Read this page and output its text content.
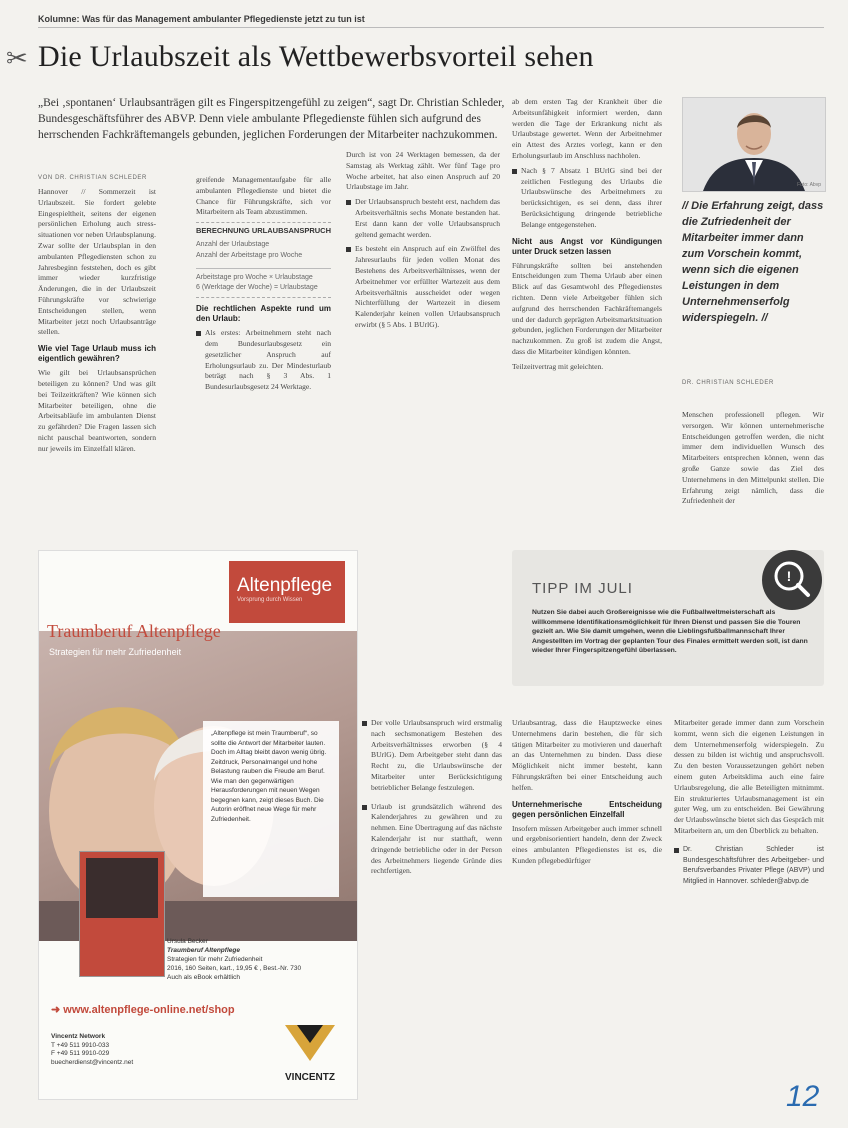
Kolumne: Was für das Management ambulanter Pflegedienste jetzt zu tun ist
✂ Die Urlaubszeit als Wettbewerbsvorteil sehen
„Bei ‚spontanen‘ Urlaubsanträgen gilt es Fingerspitzengefühl zu zeigen“, sagt Dr. Christian Schleder, Bundesgeschäftsführer des ABVP. Denn viele ambulante Pflegedienste fühlen sich aufgrund des herrschenden Fachkräftemangels gebunden, jeglichen Forderungen der Mitarbeiter nachzukommen.
VON DR. CHRISTIAN SCHLEDER

Hannover // Sommerzeit ist Urlaubszeit. Sie fordert gelebte Eingespieltheit, seitens der eigenen persönlichen Erholung auch stress-situationen vor neben Urlaubsplanung. Zwar sollte der Urlaubsplan in den ambulanten Pflegediensten schon zu Jahresbeginn feststehen, doch es gibt immer wieder kurzfristige Änderungen, die in der Urlaubszeit Führungskräfte vor schwierige Entscheidungen stellen, wenn Mitarbeiter jetzt noch Urlaubsanträge stellen.

Wie viel Tage Urlaub muss ich eigentlich gewähren?

Wie gilt bei Urlaubsansprüchen beteiligen zu können? Und was gilt bei Teilzeitkräften? Wie können sich Mitarbeiter beteiligen, ohne die Arbeitsabläufe im ambulanten Dienst zu gefährden? Die Fragen lassen sich nicht pauschal beantworten, sondern nur jeweils im Einzelfall klären.

greifende Managementaufgabe für alle ambulanten Pflegedienste und bietet die Chance für Führungskräfte, sich vor Mitarbeitern als Team abzustimmen.

BERECHNUNG URLAUBSANSPRUCH
Anzahl der Urlaubstage
Anzahl der Arbeitstage pro Woche
Arbeitstage pro Woche × Urlaubstage
6 (Werktage der Woche) = Urlaubstage
Die rechtlichen Aspekte rund um den Urlaub:
Als erstes: Arbeitnehmern steht nach dem Bundesurlaubsgesetz ein gesetzlicher Anspruch auf Erholungsurlaub zu. Der Mindesturlaub beträgt nach § 3 Abs. 1 Bundesurlaubsgesetz 24 Werktage.

Durch ist von 24 Werktagen bemessen, da der Samstag als Werktag zählt. Wer fünf Tage pro Woche arbeitet, hat also einen Anspruch auf 20 Urlaubstage im Jahr.

Der Urlaubsanspruch besteht erst, nachdem das Arbeitsverhältnis sechs Monate bestanden hat. Erst dann kann der volle Urlaubsanspruch geltend gemacht werden.
Es besteht ein Anspruch auf ein Zwölftel des Jahresurlaubs für jeden vollen Monat des Bestehens des Arbeitsverhältnisses, wenn der Arbeitnehmer vor erfüllter Wartezeit aus dem Arbeitsverhältnis ausscheidet oder wegen Nichterfüllung der Wartezeit in diesem Kalenderjahr keinen vollen Urlaubsanspruch erwirbt (§ 5 Abs. 1 BUrlG).

ab dem ersten Tag der Krankheit über die Arbeitsunfähigkeit informiert werden, dann werden die Tage der Erkrankung nicht als Urlaubstage gewertet. Wenn der Arbeitnehmer ein Attest des Arztes vorlegt, kann er den Erholungsurlaub im Anschluss nachholen.

Nach § 7 Absatz 1 BUrlG sind bei der zeitlichen Festlegung des Urlaubs die Urlaubswünsche des Arbeitnehmers zu berücksichtigen, es sei denn, dass ihrer Berücksichtigung dringende betriebliche Belange entgegenstehen.
Nicht aus Angst vor Kündigungen unter Druck setzen lassen

Führungskräfte sollten bei anstehenden Entscheidungen zum Thema Urlaub aber einen Blick auf das Gesamtwohl des Pflegedienstes richten. Denn viele Arbeitgeber fühlen sich aufgrund des herrschenden Fachkräftemangels und der dadurch geprägten Arbeitsmarktsituation gebunden, jeglichen Forderungen der Mitarbeiter nachzukommen. Zu groß ist zudem die Angst, dass die Mitarbeiter kündigen könnten.

Teilzeitvertrag mit geleichten.

Foto: Abvp
// Die Erfahrung zeigt, dass die Zufriedenheit der Mitarbeiter immer dann zum Vorschein kommt, wenn sich die eigenen Leistungen in dem Unternehmenserfolg widerspiegeln. //
DR. CHRISTIAN SCHLEDER
Menschen professionell pflegen. Wir versorgen. Wir können unternehmerische Entscheidungen getroffen werden, die nicht immer dem individuellen Wunsch des Mitarbeiters entsprechen können, wenn das große Ganze sowie das Ziel des Unternehmens in den Mittelpunkt stellen. Die Erfahrung zeigt nämlich, dass die Zufriedenheit der
Altenpflege
Vorsprung durch Wissen
Traumberuf Altenpflege
Strategien für mehr Zufriedenheit
„Altenpflege ist mein Traumberuf“, so sollte die Antwort der Mitarbeiter lauten. Doch im Alltag bleibt davon wenig übrig. Zeitdruck, Personalmangel und hohe Belastung rauben die Freude am Beruf. Wie man den gegenwärtigen Herausforderungen mit neuen Wegen begegnen kann, zeigt dieses Buch. Die Autorin eröffnet neue Wege für mehr Zufriedenheit.
Ursula Becker
Traumberuf Altenpflege
Strategien für mehr Zufriedenheit
2016, 160 Seiten, kart., 19,95 € , Best.-Nr. 730
Auch als eBook erhältlich
➜ www.altenpflege-online.net/shop
Vincentz Network
T +49 511 9910-033
F +49 511 9910-029
buecherdienst@vincentz.net
VINCENTZ
Der volle Urlaubsanspruch wird erstmalig nach sechsmonatigem Bestehen des Arbeitsverhältnisses erworben (§ 4 BUrlG). Dem Arbeitgeber steht dann das Recht zu, die Urlaubswünsche der Mitarbeiter unter Berücksichtigung betrieblicher Belange festzulegen.
Urlaub ist grundsätzlich während des Kalenderjahres zu gewähren und zu nehmen. Eine Übertragung auf das nächste Kalenderjahr ist nur statthaft, wenn dringende betriebliche oder in der Person des Arbeitnehmers liegende Gründe dies rechtfertigen.
TIPP IM JULI
!
Nutzen Sie dabei auch Großereignisse wie die Fußballweltmeisterschaft als willkommene Identifikationsmöglichkeit für Ihren Dienst und passen Sie die Touren gezielt an. Wie Sie damit umgehen, wenn die Lieblingsfußballmannschaft Ihrer Angestellten im Vortrag der geplanten Tour des Finales ermittelt werden soll, ist dann wieder Ihrer Fingerspitzengefühl überlassen.

Urlaubsantrag, dass die Hauptzwecke eines Unternehmens darin bestehen, die für sich tätigen Mitarbeiter zu motivieren und dauerhaft an das Unternehmen zu binden. Dass diese Möglichkeit nicht immer besteht, kann Führungskräften bei einer Entscheidung auch helfen.

Unternehmerische Entscheidung gegen persönlichen Einzelfall

Insofern müssen Arbeitgeber auch immer schnell und ergebnisorientiert handeln, denn der Zweck eines ambulanten Pflegedienstes ist es, die Kunden pflegebedürftiger

Mitarbeiter gerade immer dann zum Vorschein kommt, wenn sich die eigenen Leistungen in dem Unternehmenserfolg widerspiegeln. Zu dessen zu bilden ist wichtig und anspruchsvoll. Zu den besten Voraussetzungen gehört neben einem guten Arbeitsklima auch eine faire Urlaubsregelung, die alle Beteiligten mitnimmt. Ein strukturiertes Urlaubsmanagement ist ein guter Weg, um zu entscheiden. Bei Gewährung der Urlaubswünsche bietet sich das Gespräch mit Mitarbeitern an, um den Überblick zu behalten.

Dr. Christian Schleder ist Bundesgeschäftsführer des Arbeitgeber- und Berufsverbandes Privater Pflege (ABVP) und Mitglied in Hannover. schleder@abvp.de
12
